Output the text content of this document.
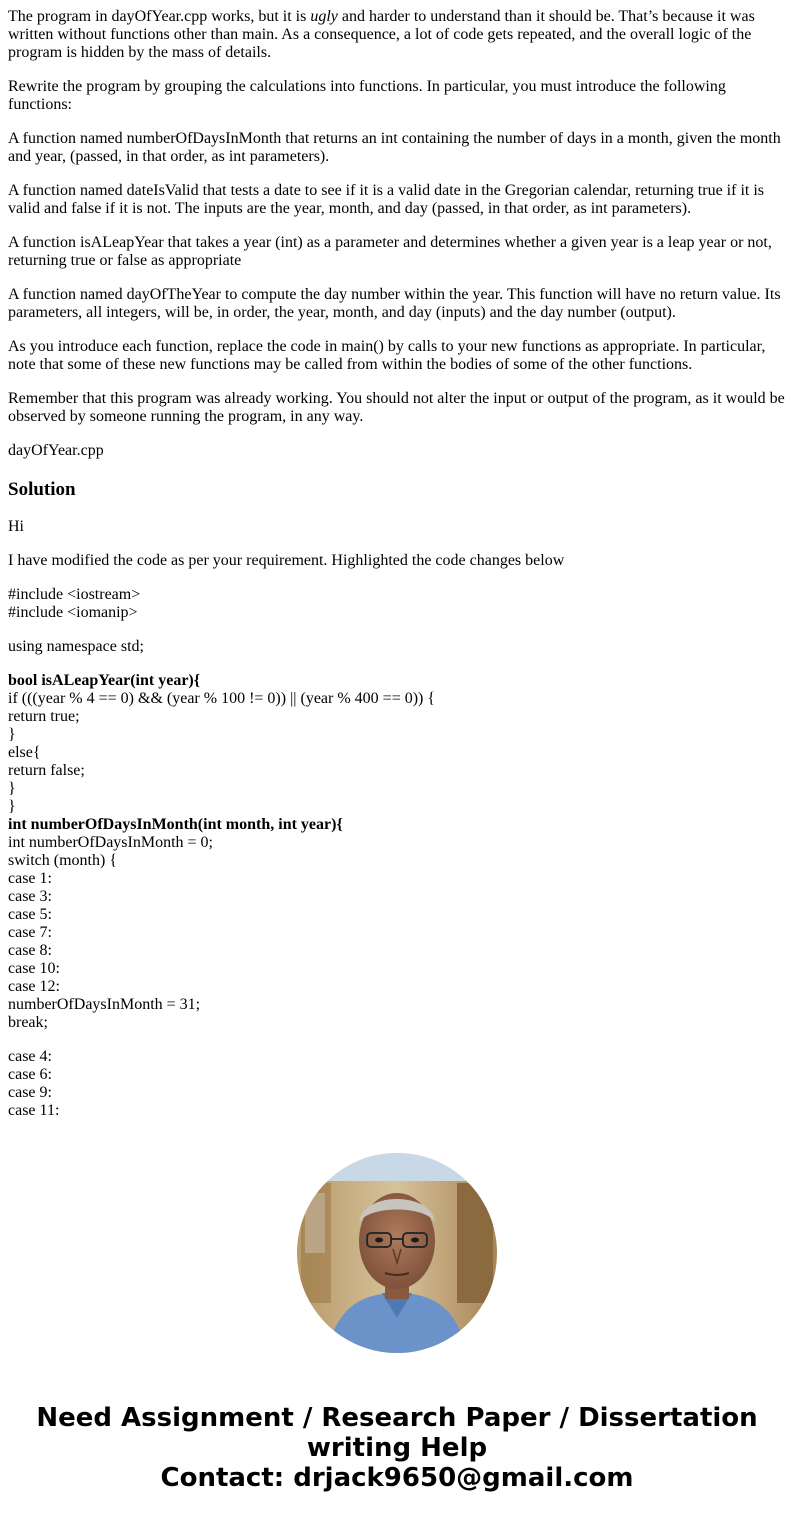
The program in dayOfYear.cpp works, but it is ugly and harder to understand than it should be. That’s because it was written without functions other than main. As a consequence, a lot of code gets repeated, and the overall logic of the program is hidden by the mass of details.

Rewrite the program by grouping the calculations into functions. In particular, you must introduce the following functions:

A function named numberOfDaysInMonth that returns an int containing the number of days in a month, given the month and year, (passed, in that order, as int parameters).

A function named dateIsValid that tests a date to see if it is a valid date in the Gregorian calendar, returning true if it is valid and false if it is not. The inputs are the year, month, and day (passed, in that order, as int parameters).

A function isALeapYear that takes a year (int) as a parameter and determines whether a given year is a leap year or not, returning true or false as appropriate

A function named dayOfTheYear to compute the day number within the year. This function will have no return value. Its parameters, all integers, will be, in order, the year, month, and day (inputs) and the day number (output).

As you introduce each function, replace the code in main() by calls to your new functions as appropriate. In particular, note that some of these new functions may be called from within the bodies of some of the other functions.

Remember that this program was already working. You should not alter the input or output of the program, as it would be observed by someone running the program, in any way.

dayOfYear.cpp

Solution

Hi

I have modified the code as per your requirement. Highlighted the code changes below

#include <iostream>
#include <iomanip>
using namespace std;
bool isALeapYear(int year){
if (((year % 4 == 0) && (year % 100 != 0)) || (year % 400 == 0)) {
return true;
}
else{
return false;
}
}
int numberOfDaysInMonth(int month, int year){
int numberOfDaysInMonth = 0;
switch (month) {
case 1:
case 3:
case 5:
case 7:
case 8:
case 10:
case 12:
numberOfDaysInMonth = 31;
break;
case 4:
case 6:
case 9:
case 11:
Need Assignment / Research Paper / Dissertation
writing Help
Contact: drjack9650@gmail.com
